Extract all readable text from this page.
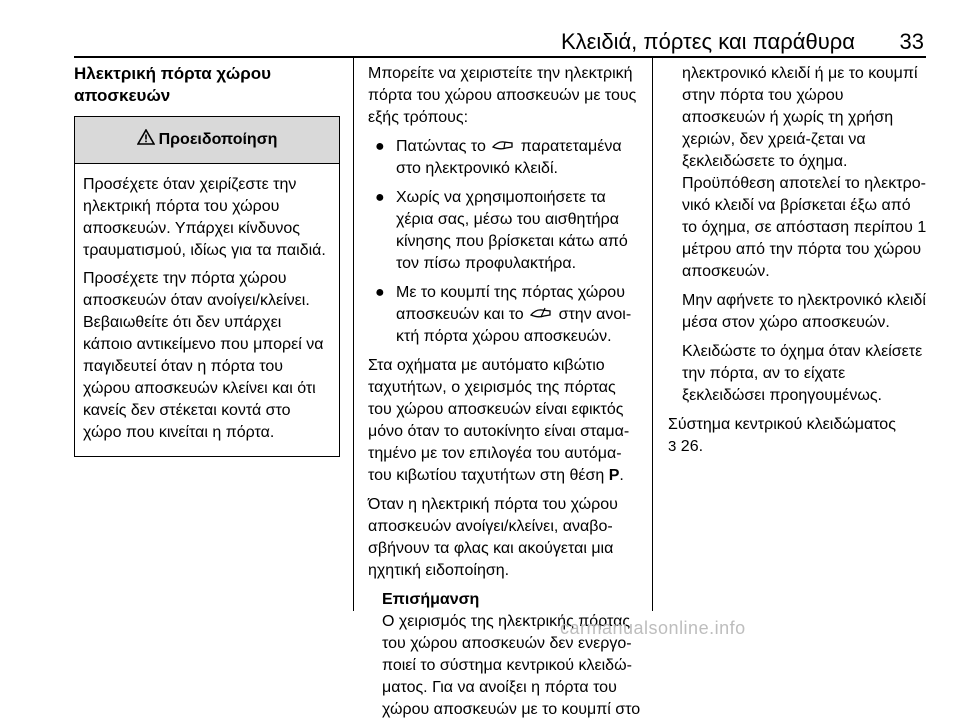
Κλειδιά, πόρτες και παράθυρα 33
Ηλεκτρική πόρτα χώρου
αποσκευών
Προειδοποίηση

Προσέχετε όταν χειρίζεστε την ηλεκτρική πόρτα του χώρου αποσκευών. Υπάρχει κίνδυνος τραυματισμού, ιδίως για τα παιδιά.

Προσέχετε την πόρτα χώρου αποσκευών όταν ανοίγει/κλείνει. Βεβαιωθείτε ότι δεν υπάρχει κάποιο αντικείμενο που μπορεί να παγιδευτεί όταν η πόρτα του χώρου αποσκευών κλείνει και ότι κανείς δεν στέκεται κοντά στο χώρο που κινείται η πόρτα.

Μπορείτε να χειριστείτε την ηλεκτρική πόρτα του χώρου αποσκευών με τους εξής τρόπους:

● Πατώντας το παρατεταμένα στο ηλεκτρονικό κλειδί.
● Χωρίς να χρησιμοποιήσετε τα χέρια σας, μέσω του αισθητήρα κίνησης που βρίσκεται κάτω από τον πίσω προφυλακτήρα.
● Με το κουμπί της πόρτας χώρου αποσκευών και το στην ανοι-κτή πόρτα χώρου αποσκευών.

Στα οχήματα με αυτόματο κιβώτιο ταχυτήτων, ο χειρισμός της πόρτας του χώρου αποσκευών είναι εφικτός μόνο όταν το αυτοκίνητο είναι σταμα-τημένο με τον επιλογέα του αυτόμα-του κιβωτίου ταχυτήτων στη θέση P.

Όταν η ηλεκτρική πόρτα του χώρου αποσκευών ανοίγει/κλείνει, αναβο-σβήνουν τα φλας και ακούγεται μια ηχητική ειδοποίηση.

Επισήμανση
Ο χειρισμός της ηλεκτρικής πόρτας του χώρου αποσκευών δεν ενεργο-ποιεί το σύστημα κεντρικού κλειδώ-ματος. Για να ανοίξει η πόρτα του χώρου αποσκευών με το κουμπί στο

ηλεκτρονικό κλειδί ή με το κουμπί στην πόρτα του χώρου αποσκευών ή χωρίς τη χρήση χεριών, δεν χρειά-ζεται να ξεκλειδώσετε το όχημα. Προϋπόθεση αποτελεί το ηλεκτρο-νικό κλειδί να βρίσκεται έξω από το όχημα, σε απόσταση περίπου 1 μέτρου από την πόρτα του χώρου αποσκευών.

Μην αφήνετε το ηλεκτρονικό κλειδί μέσα στον χώρο αποσκευών.

Κλειδώστε το όχημα όταν κλείσετε την πόρτα, αν το είχατε ξεκλειδώσει προηγουμένως.

Σύστημα κεντρικού κλειδώματος
3 26.

carmanualsonline.info
